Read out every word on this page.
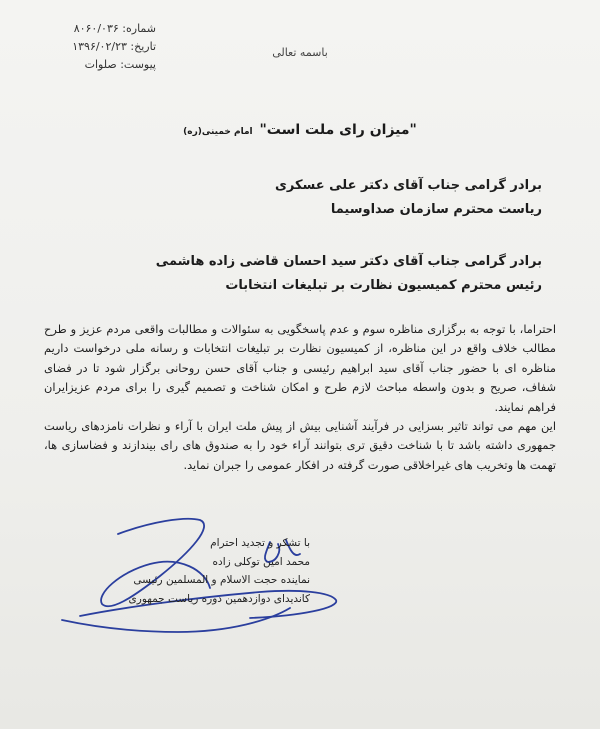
شماره: ۸۰۶۰/۰۳۶
تاریخ: ۱۳۹۶/۰۲/۲۳
پیوست: صلوات
باسمه تعالی
"میزان رای ملت است" امام خمینی(ره)
برادر گرامی جناب آقای دکتر علی عسکری
ریاست محترم سازمان صداوسیما
برادر گرامی جناب آقای دکتر سید احسان قاضی زاده هاشمی
رئیس محترم کمیسیون نظارت بر تبلیغات انتخابات

احتراما، با توجه به برگزاری مناظره سوم و عدم پاسخگویی به سئوالات و مطالبات واقعی مردم عزیز و طرح مطالب خلاف واقع در این مناظره، از کمیسیون نظارت بر تبلیغات انتخابات و رسانه ملی درخواست داریم مناظره ای با حضور جناب آقای سید ابراهیم رئیسی و جناب آقای حسن روحانی برگزار شود تا در فضای شفاف، صریح و بدون واسطه مباحث لازم طرح و امکان شناخت و تصمیم گیری را برای مردم عزیزایران فراهم نمایند.

این مهم می تواند تاثیر بسزایی در فرآیند آشنایی بیش از پیش ملت ایران با آراء و نظرات نامزدهای ریاست جمهوری داشته باشد تا با شناخت دقیق تری بتوانند آراء خود را به صندوق های رای بیندازند و فضاسازی ها، تهمت ها وتخریب های غیراخلاقی صورت گرفته در افکار عمومی را جبران نماید.

با تشکر و تجدید احترام
محمد امین توکلی زاده
نماینده حجت الاسلام و المسلمین رئیسی
کاندیدای دوازدهمین دوره ریاست جمهوری
